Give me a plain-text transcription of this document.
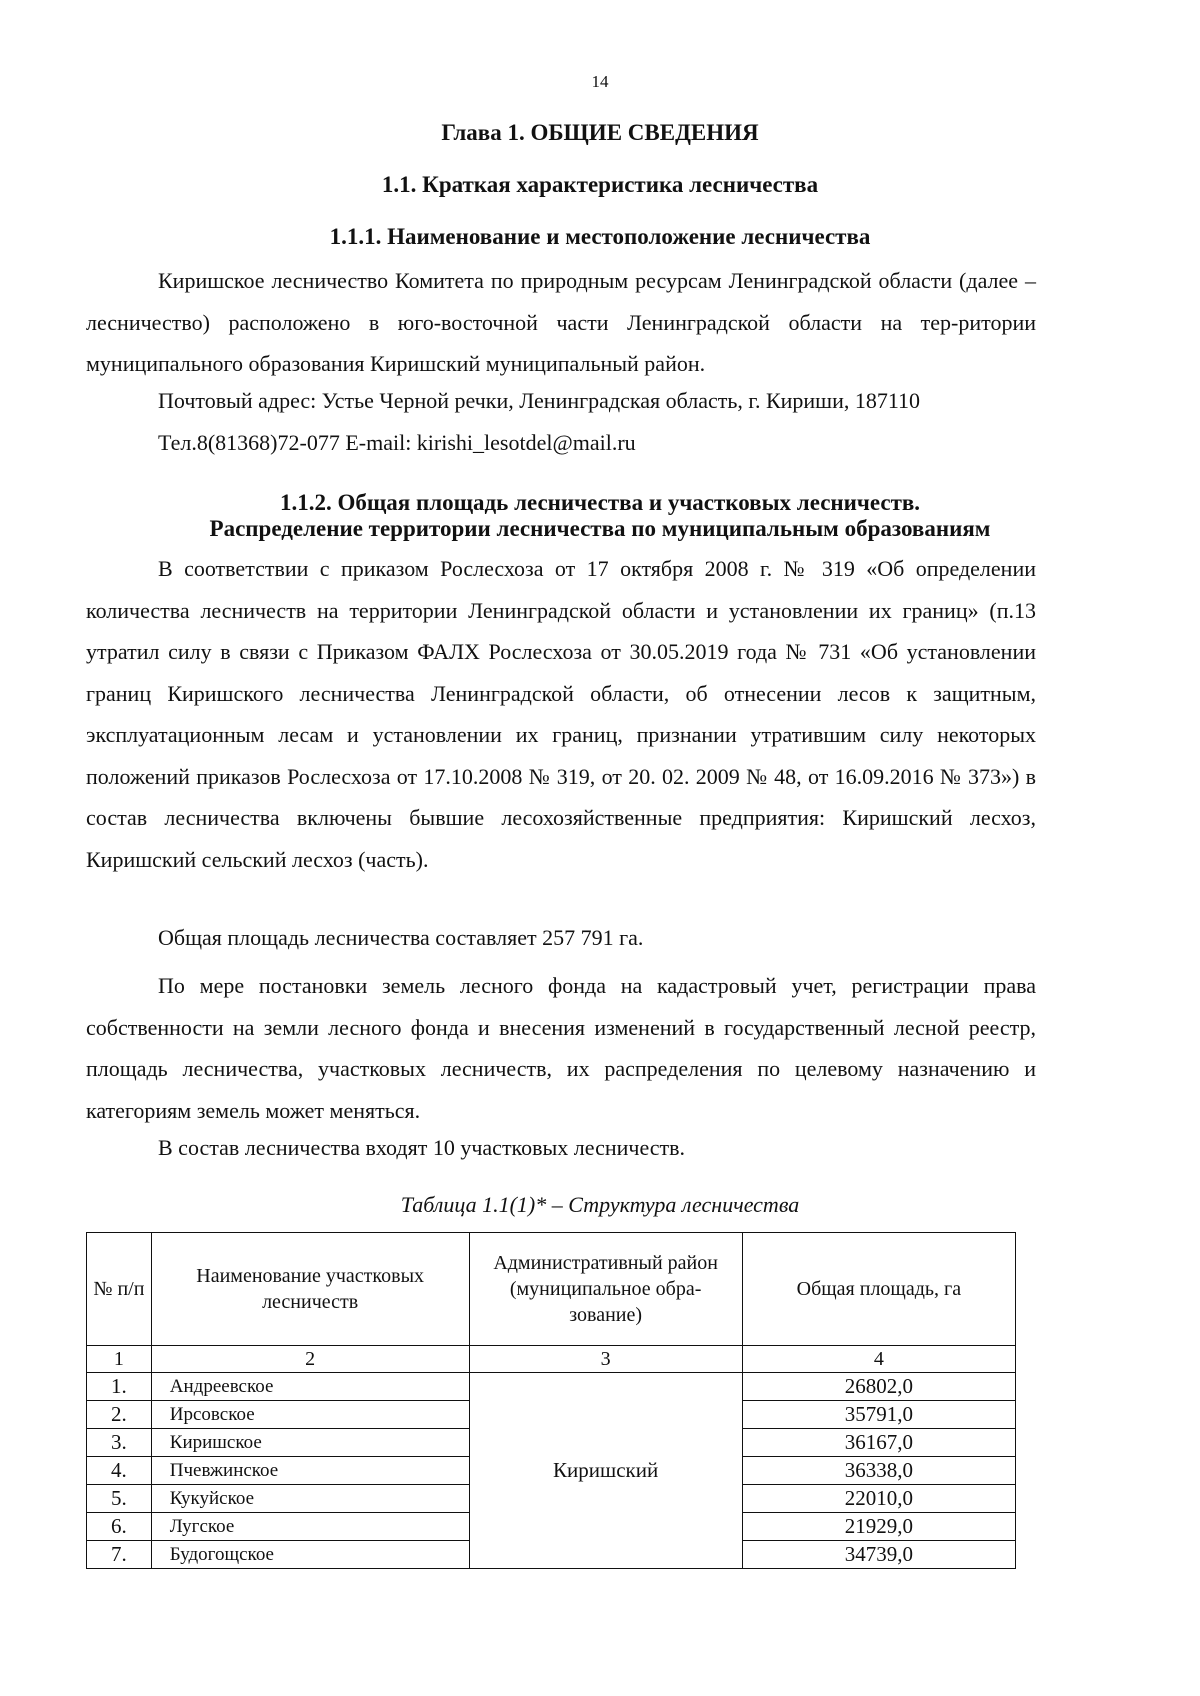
14
Глава 1. ОБЩИЕ СВЕДЕНИЯ
1.1. Краткая характеристика лесничества
1.1.1. Наименование и местоположение лесничества

Киришское лесничество Комитета по природным ресурсам Ленинградской области (далее – лесничество) расположено в юго-восточной части Ленинградской области на тер-ритории муниципального образования Киришский муниципальный район.

Почтовый адрес: Устье Черной речки, Ленинградская область, г. Кириши, 187110

Тел.8(81368)72-077 E-mail: kirishi_lesotdel@mail.ru

1.1.2. Общая площадь лесничества и участковых лесничеств.
Распределение территории лесничества по муниципальным образованиям

В соответствии с приказом Рослесхоза от 17 октября 2008 г. № 319 «Об определении количества лесничеств на территории Ленинградской области и установлении их границ» (п.13 утратил силу в связи с Приказом ФАЛХ Рослесхоза от 30.05.2019 года № 731 «Об установлении границ Киришского лесничества Ленинградской области, об отнесении лесов к защитным, эксплуатационным лесам и установлении их границ, признании утратившим силу некоторых положений приказов Рослесхоза от 17.10.2008 № 319, от 20. 02. 2009 № 48, от 16.09.2016 № 373») в состав лесничества включены бывшие лесохозяйственные предприятия: Киришский лесхоз, Киришский сельский лесхоз (часть).

Общая площадь лесничества составляет 257 791 га.

По мере постановки земель лесного фонда на кадастровый учет, регистрации права собственности на земли лесного фонда и внесения изменений в государственный лесной реестр, площадь лесничества, участковых лесничеств, их распределения по целевому назначению и категориям земель может меняться.

В состав лесничества входят 10 участковых лесничеств.

Таблица 1.1(1)* – Структура лесничества
№ п/п	Наименование участковых лесничеств	Административный район (муниципальное обра-зование)	Общая площадь, га
1	2	3	4
1.	Андреевское	Киришский	26802,0
2.	Ирсовское		35791,0
3.	Киришское		36167,0
4.	Пчевжинское		36338,0
5.	Кукуйское		22010,0
6.	Лугское		21929,0
7.	Будогощское		34739,0
